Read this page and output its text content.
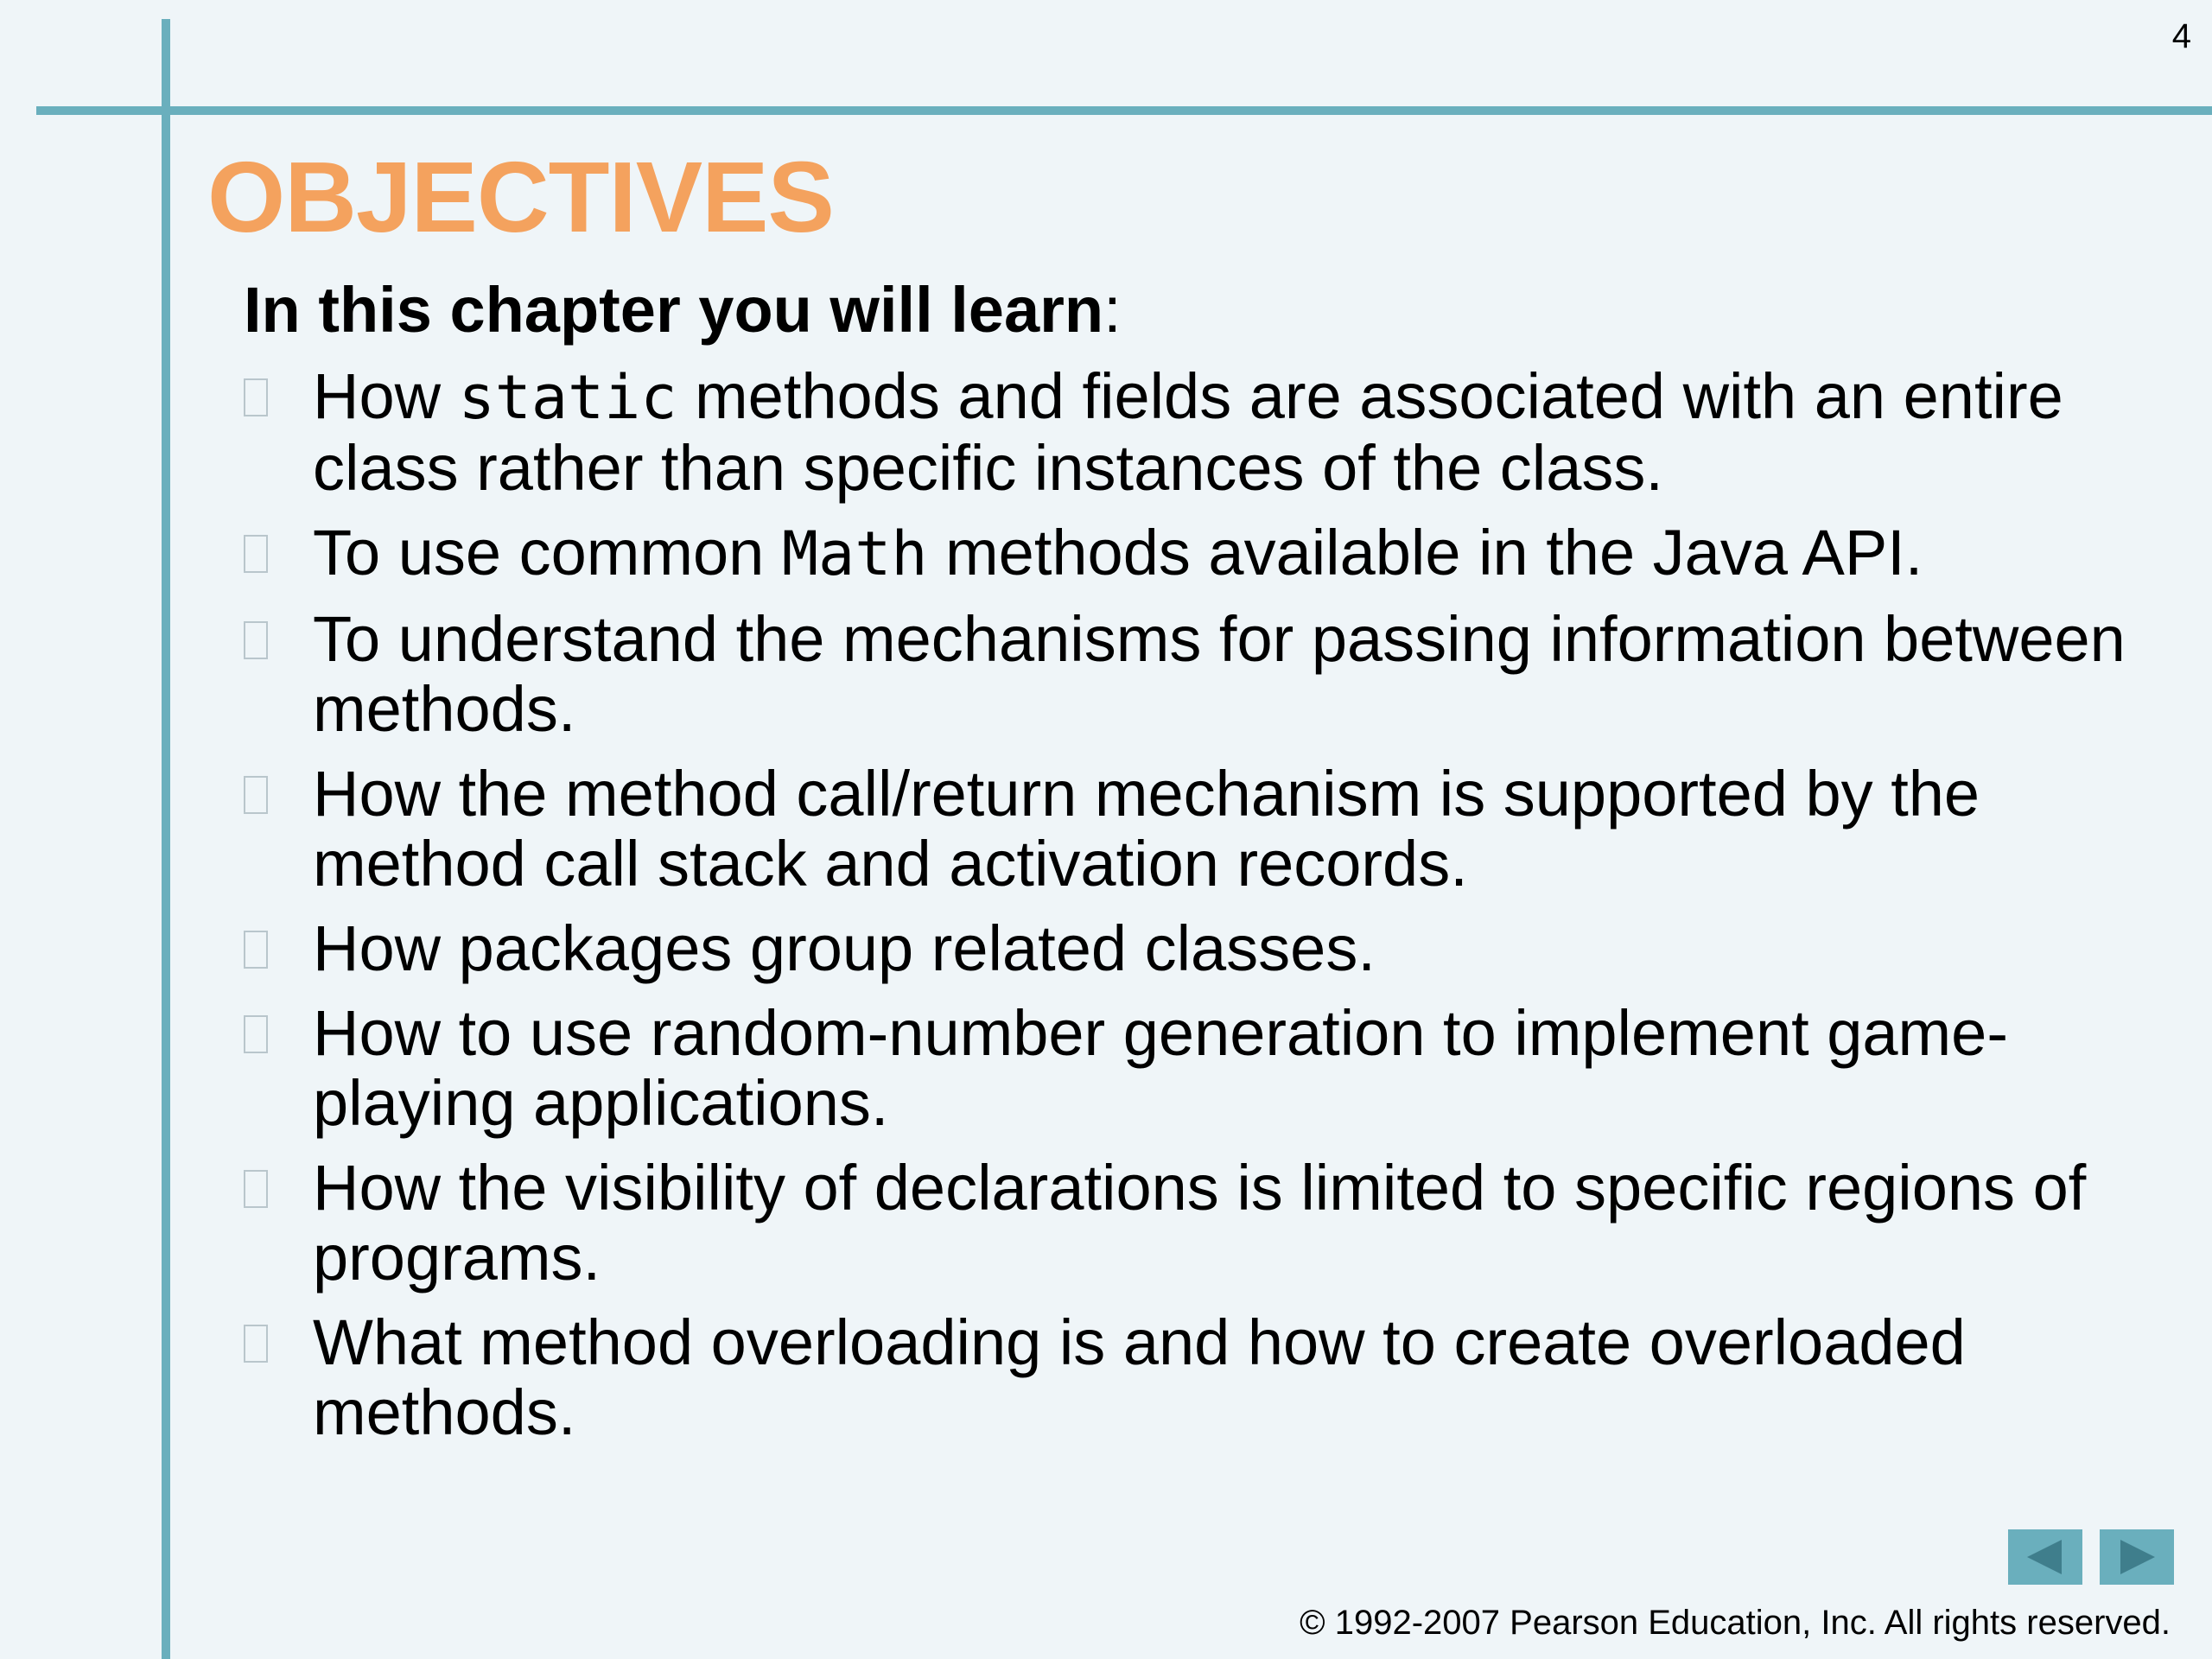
4
OBJECTIVES
In this chapter you will learn:
How static methods and fields are associated with an entire class rather than specific instances of the class.
To use common Math methods available in the Java API.
To understand the mechanisms for passing information between methods.
How the method call/return mechanism is supported by the method call stack and activation records.
How packages group related classes.
How to use random-number generation to implement game-playing applications.
How the visibility of declarations is limited to specific regions of programs.
What method overloading is and how to create overloaded methods.
© 1992-2007 Pearson Education, Inc. All rights reserved.
